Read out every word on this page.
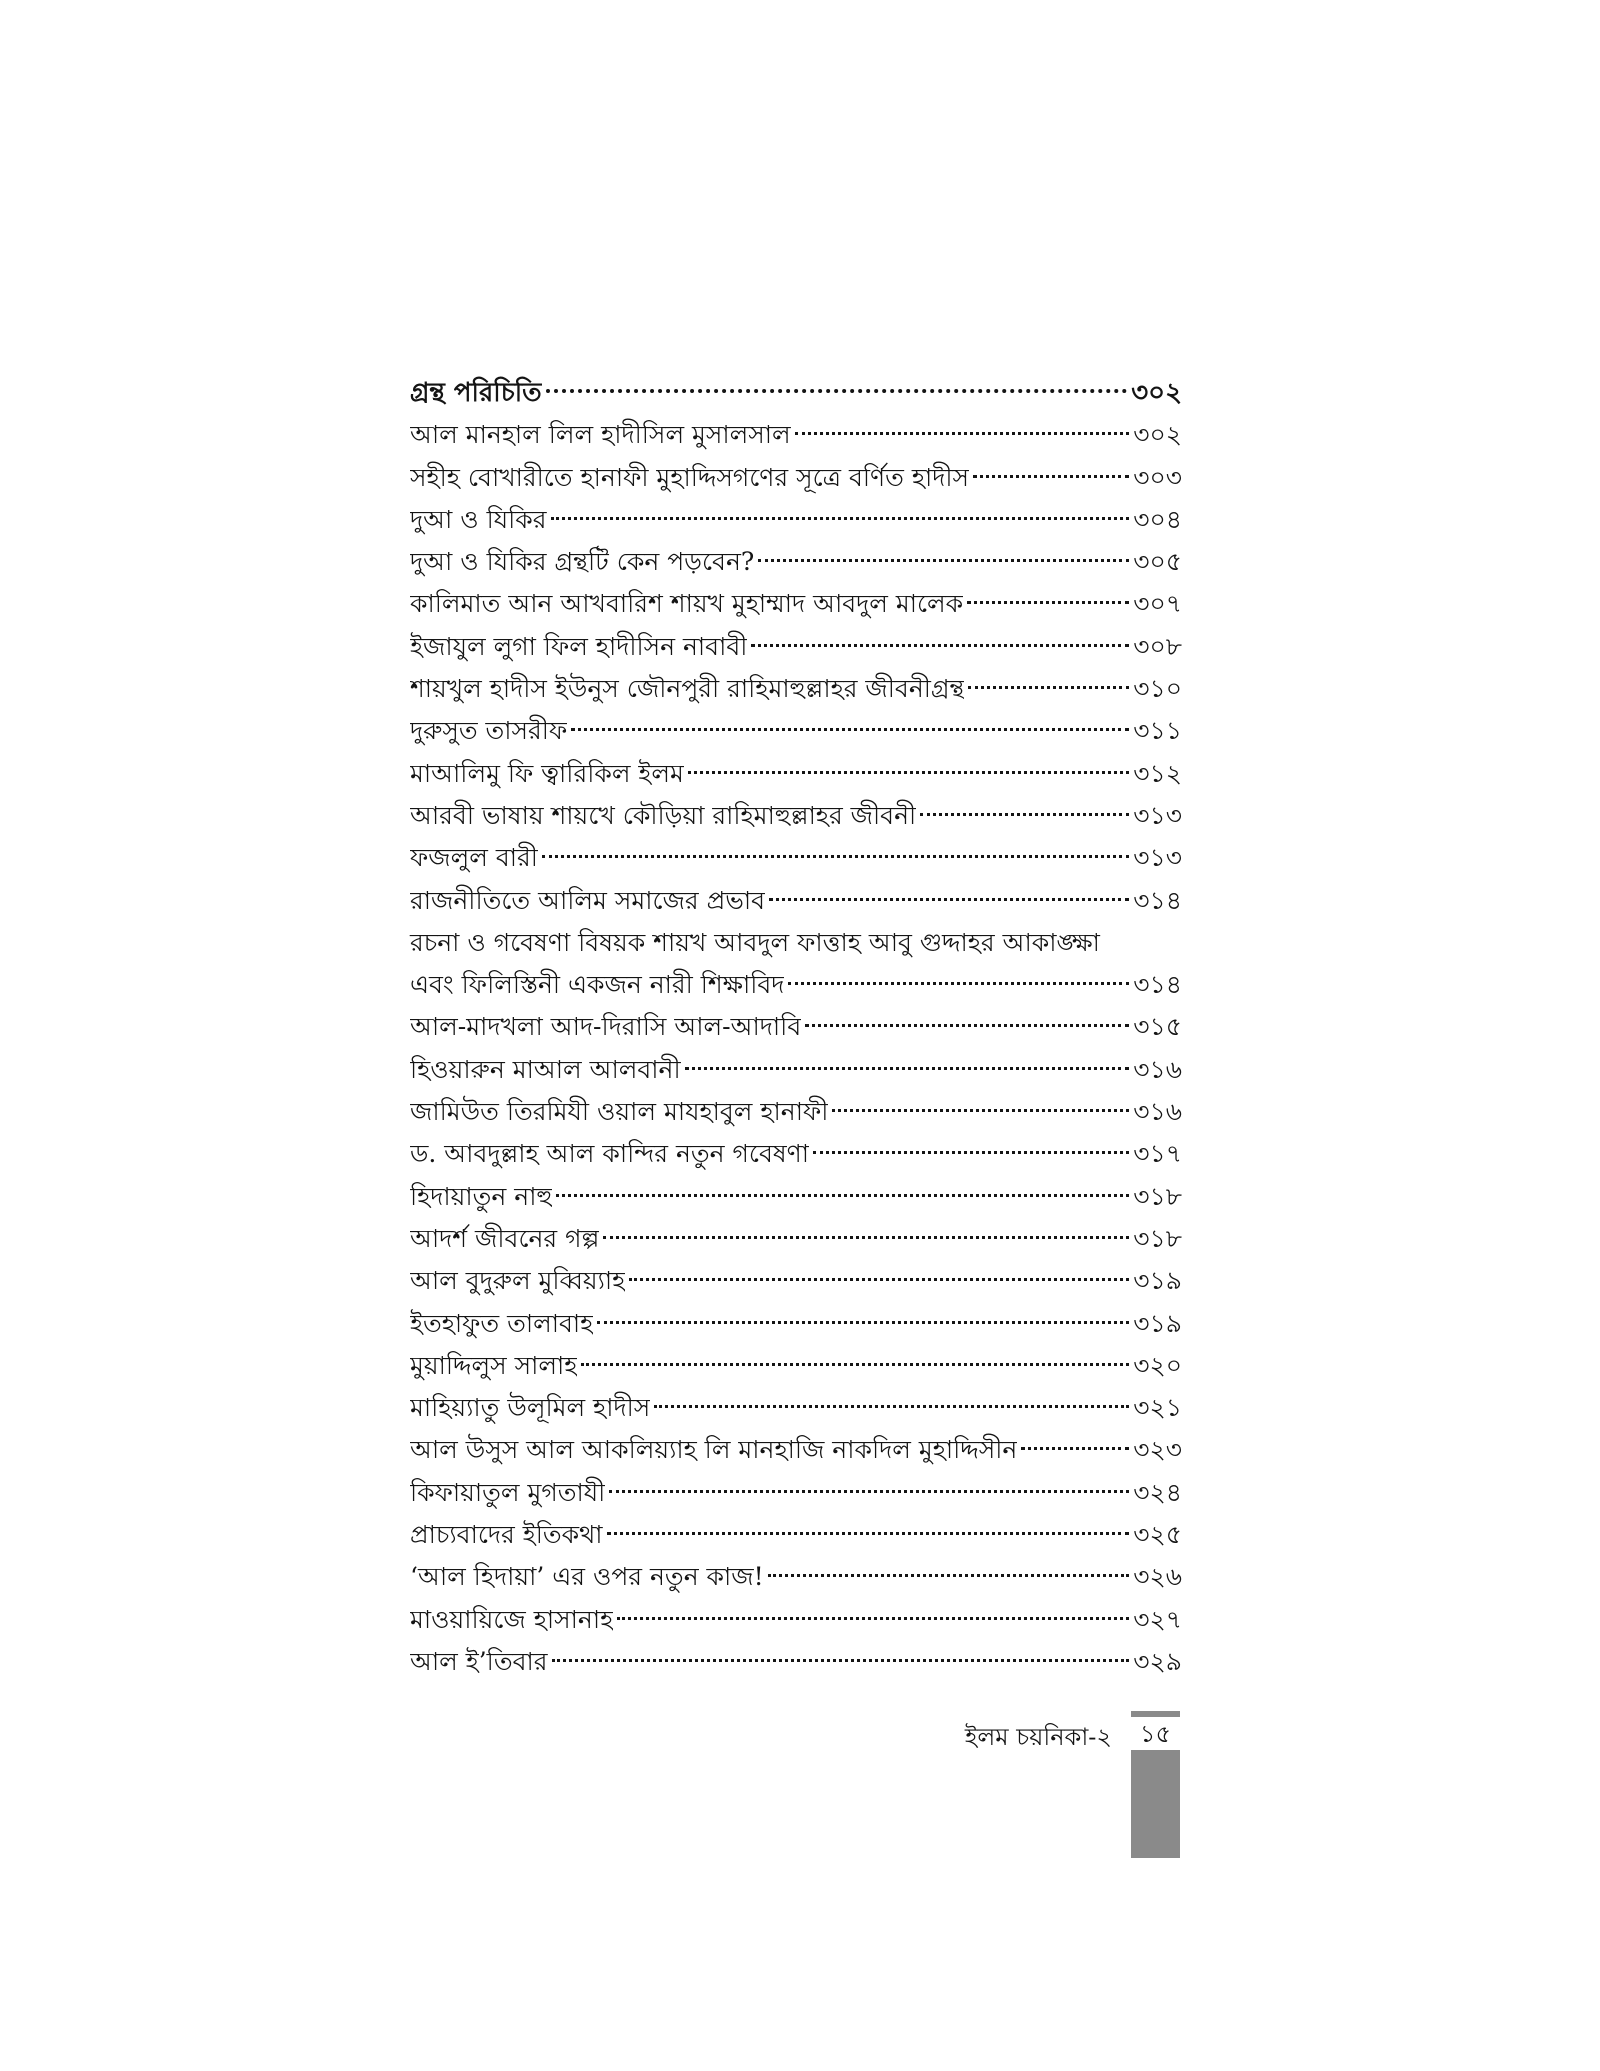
গ্রন্থ পরিচিতি	৩০২
আল মানহাল লিল হাদীসিল মুসালসাল	৩০২
সহীহ বোখারীতে হানাফী মুহাদ্দিসগণের সূত্রে বর্ণিত হাদীস	৩০৩
দুআ ও যিকির	৩০৪
দুআ ও যিকির গ্রন্থটি কেন পড়বেন?	৩০৫
কালিমাত আন আখবারিশ শায়খ মুহাম্মাদ আবদুল মালেক	৩০৭
ইজাযুল লুগা ফিল হাদীসিন নাবাবী	৩০৮
শায়খুল হাদীস ইউনুস জৌনপুরী রাহিমাহুল্লাহর জীবনীগ্রন্থ	৩১০
দুরুসুত তাসরীফ	৩১১
মাআলিমু ফি ত্বারিকিল ইলম	৩১২
আরবী ভাষায় শায়খে কৌড়িয়া রাহিমাহুল্লাহর জীবনী	৩১৩
ফজলুল বারী	৩১৩
রাজনীতিতে আলিম সমাজের প্রভাব	৩১৪
রচনা ও গবেষণা বিষয়ক শায়খ আবদুল ফাত্তাহ আবু গুদ্দাহর আকাঙ্ক্ষা
এবং ফিলিস্তিনী একজন নারী শিক্ষাবিদ	৩১৪
আল-মাদখলা আদ-দিরাসি আল-আদাবি	৩১৫
হিওয়ারুন মাআল আলবানী	৩১৬
জামিউত তিরমিযী ওয়াল মাযহাবুল হানাফী	৩১৬
ড. আবদুল্লাহ আল কান্দির নতুন গবেষণা	৩১৭
হিদায়াতুন নাহু	৩১৮
আদর্শ জীবনের গল্প	৩১৮
আল বুদুরুল মুব্বিয়্যাহ	৩১৯
ইতহাফুত তালাবাহ	৩১৯
মুয়াদ্দিলুস সালাহ	৩২০
মাহিয়্যাতু উলূমিল হাদীস	৩২১
আল উসুস আল আকলিয়্যাহ লি মানহাজি নাকদিল মুহাদ্দিসীন	৩২৩
কিফায়াতুল মুগতাযী	৩২৪
প্রাচ্যবাদের ইতিকথা	৩২৫
‘আল হিদায়া’ এর ওপর নতুন কাজ!	৩২৬
মাওয়ায়িজে হাসানাহ	৩২৭
আল ই’তিবার	৩২৯
ইলম চয়নিকা-২	১৫
